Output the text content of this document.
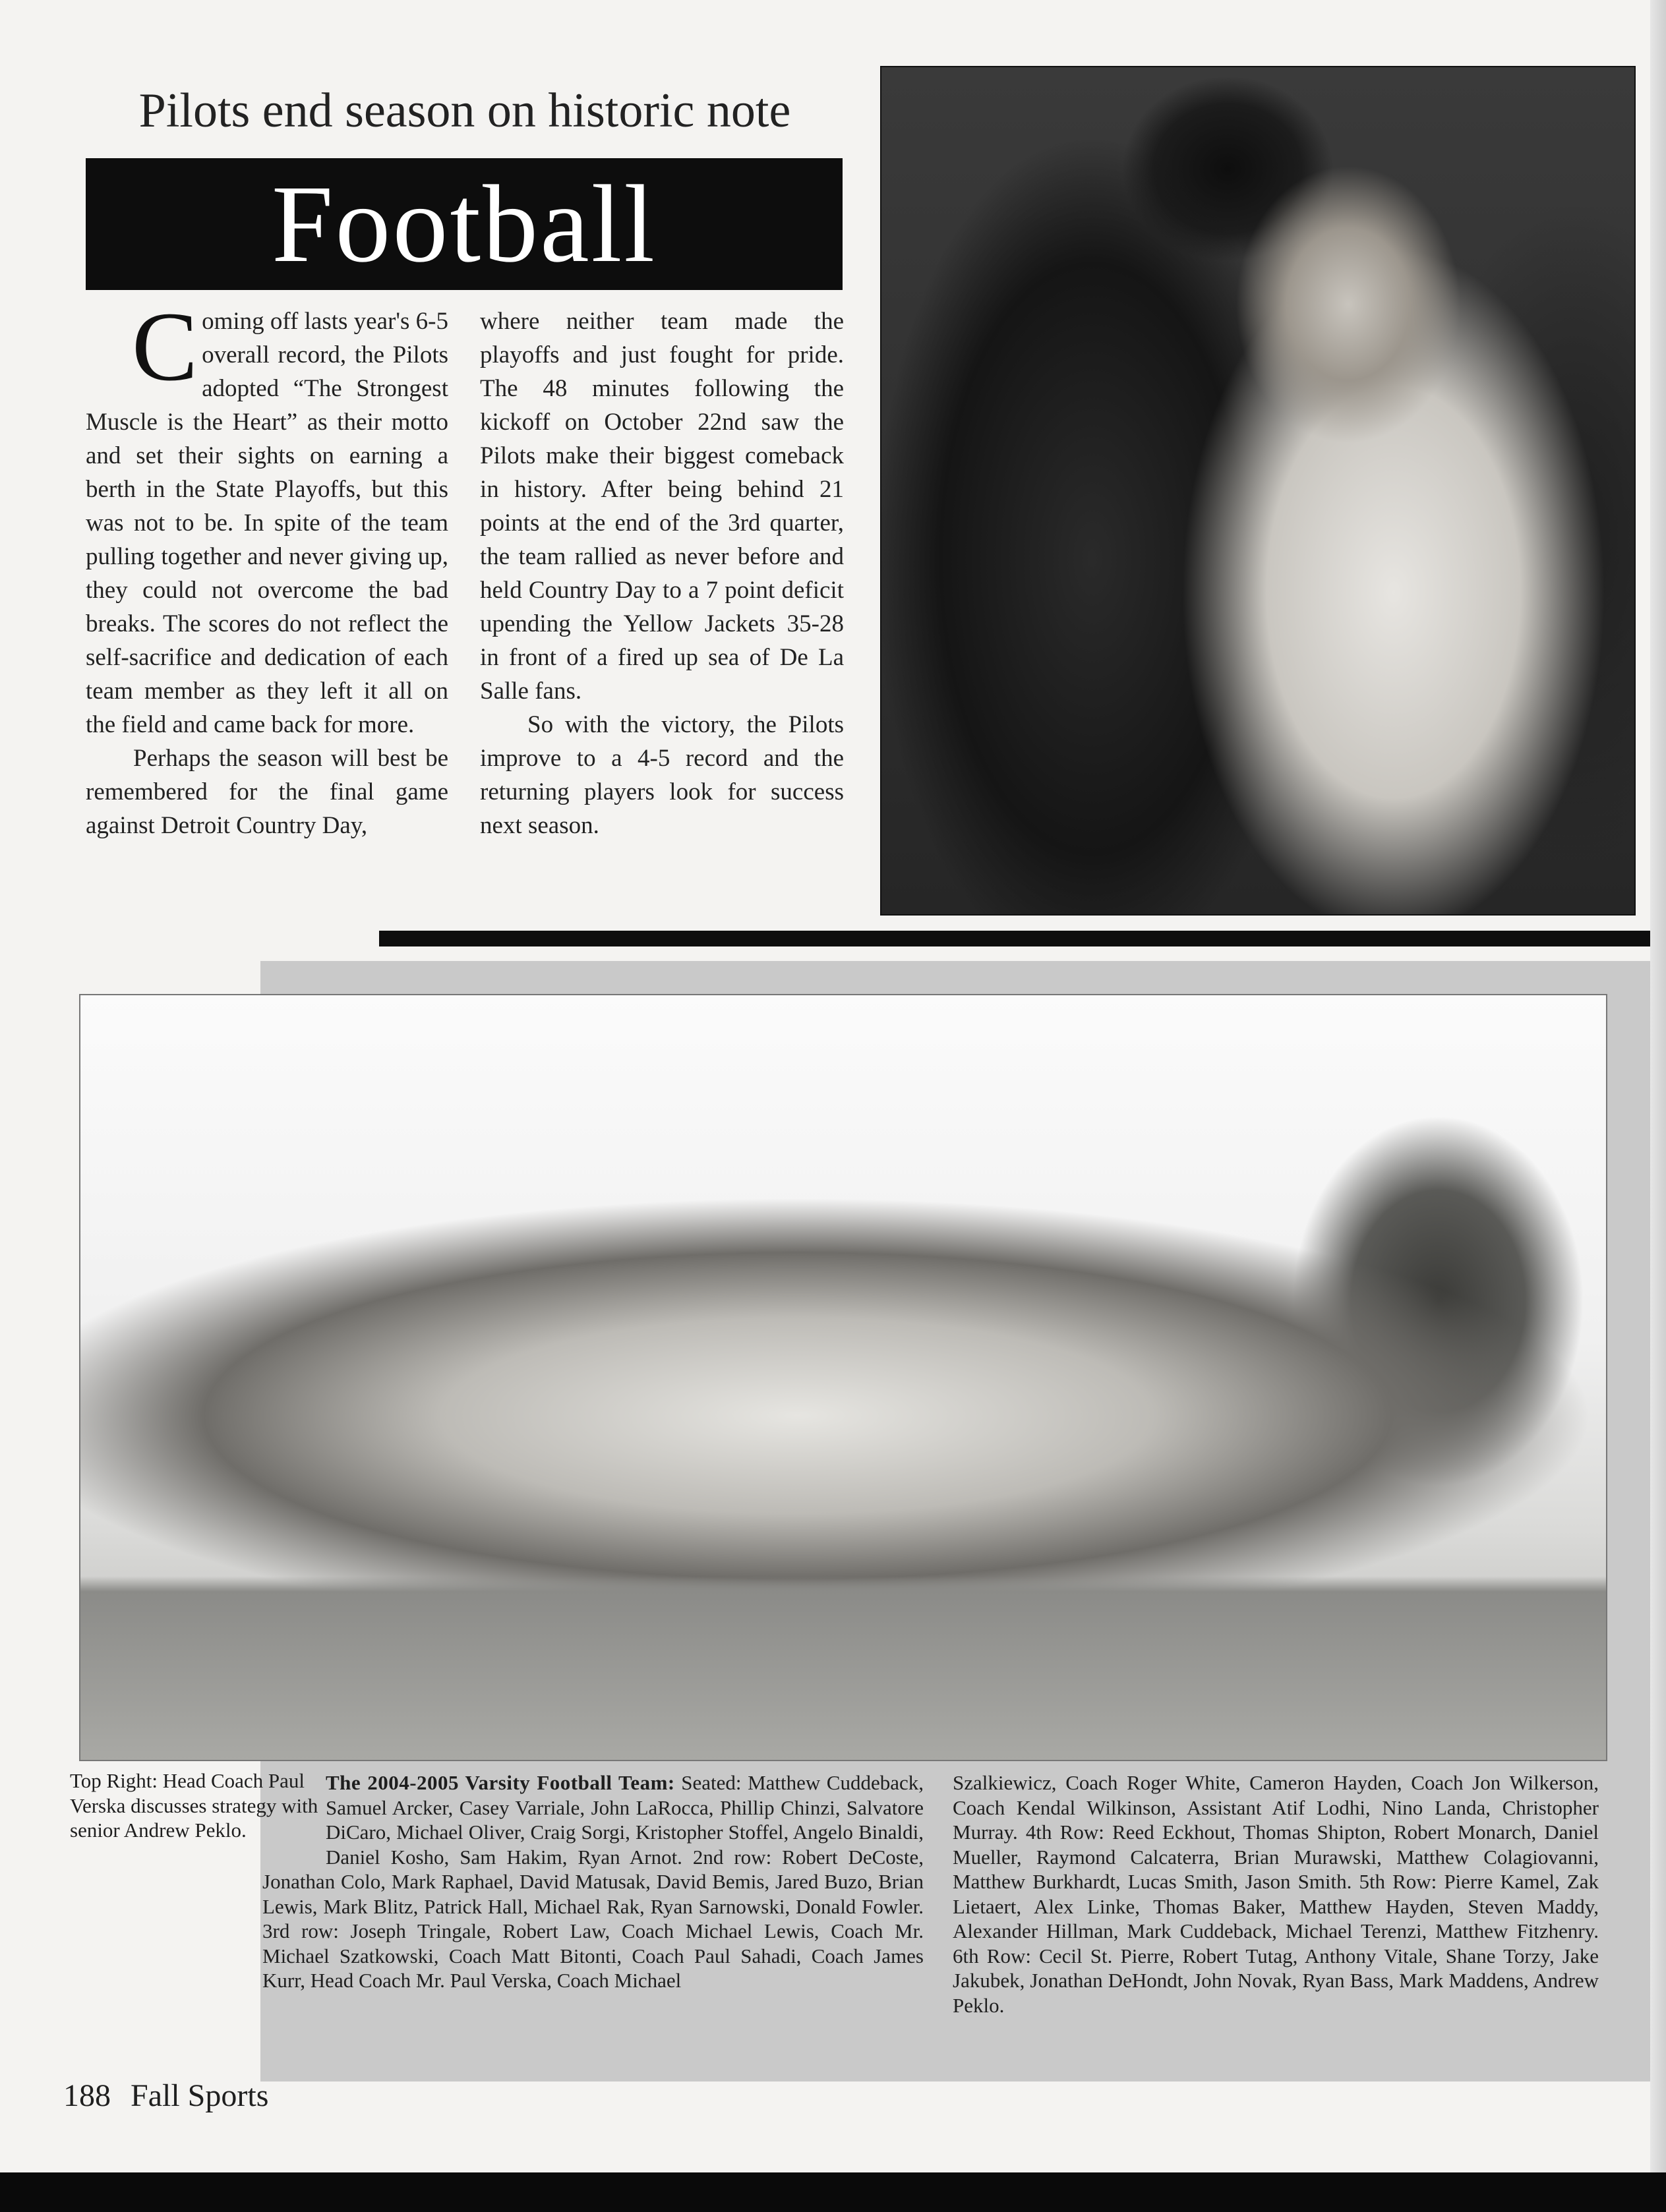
Pilots end season on historic note
Football

Coming off lasts year's 6-5 overall record, the Pilots adopted “The Strongest Muscle is the Heart” as their motto and set their sights on earning a berth in the State Playoffs, but this was not to be. In spite of the team pulling together and never giving up, they could not overcome the bad breaks. The scores do not reflect the self-sacrifice and dedication of each team member as they left it all on the field and came back for more.

Perhaps the season will best be remembered for the final game against Detroit Country Day,

where neither team made the playoffs and just fought for pride. The 48 minutes following the kickoff on October 22nd saw the Pilots make their biggest comeback in history. After being behind 21 points at the end of the 3rd quarter, the team rallied as never before and held Country Day to a 7 point deficit upending the Yellow Jackets 35-28 in front of a fired up sea of De La Salle fans.

So with the victory, the Pilots improve to a 4-5 record and the returning players look for success next season.

Top Right: Head Coach Paul Verska discusses strategy with senior Andrew Peklo.
The 2004-2005 Varsity Football Team: Seated: Matthew Cuddeback, Samuel Arcker, Casey Varriale, John LaRocca, Phillip Chinzi, Salvatore DiCaro, Michael Oliver, Craig Sorgi, Kristopher Stoffel, Angelo Binaldi, Daniel Kosho, Sam Hakim, Ryan Arnot. 2nd row: Robert DeCoste, Jonathan Colo, Mark Raphael, David Matusak, David Bemis, Jared Buzo, Brian Lewis, Mark Blitz, Patrick Hall, Michael Rak, Ryan Sarnowski, Donald Fowler. 3rd row: Joseph Tringale, Robert Law, Coach Michael Lewis, Coach Mr. Michael Szatkowski, Coach Matt Bitonti, Coach Paul Sahadi, Coach James Kurr, Head Coach Mr. Paul Verska, Coach Michael
Szalkiewicz, Coach Roger White, Cameron Hayden, Coach Jon Wilkerson, Coach Kendal Wilkinson, Assistant Atif Lodhi, Nino Landa, Christopher Murray. 4th Row: Reed Eckhout, Thomas Shipton, Robert Monarch, Daniel Mueller, Raymond Calcaterra, Brian Murawski, Matthew Colagiovanni, Matthew Burkhardt, Lucas Smith, Jason Smith. 5th Row: Pierre Kamel, Zak Lietaert, Alex Linke, Thomas Baker, Matthew Hayden, Steven Maddy, Alexander Hillman, Mark Cuddeback, Michael Terenzi, Matthew Fitzhenry. 6th Row: Cecil St. Pierre, Robert Tutag, Anthony Vitale, Shane Torzy, Jake Jakubek, Jonathan DeHondt, John Novak, Ryan Bass, Mark Maddens, Andrew Peklo.
188 Fall Sports
